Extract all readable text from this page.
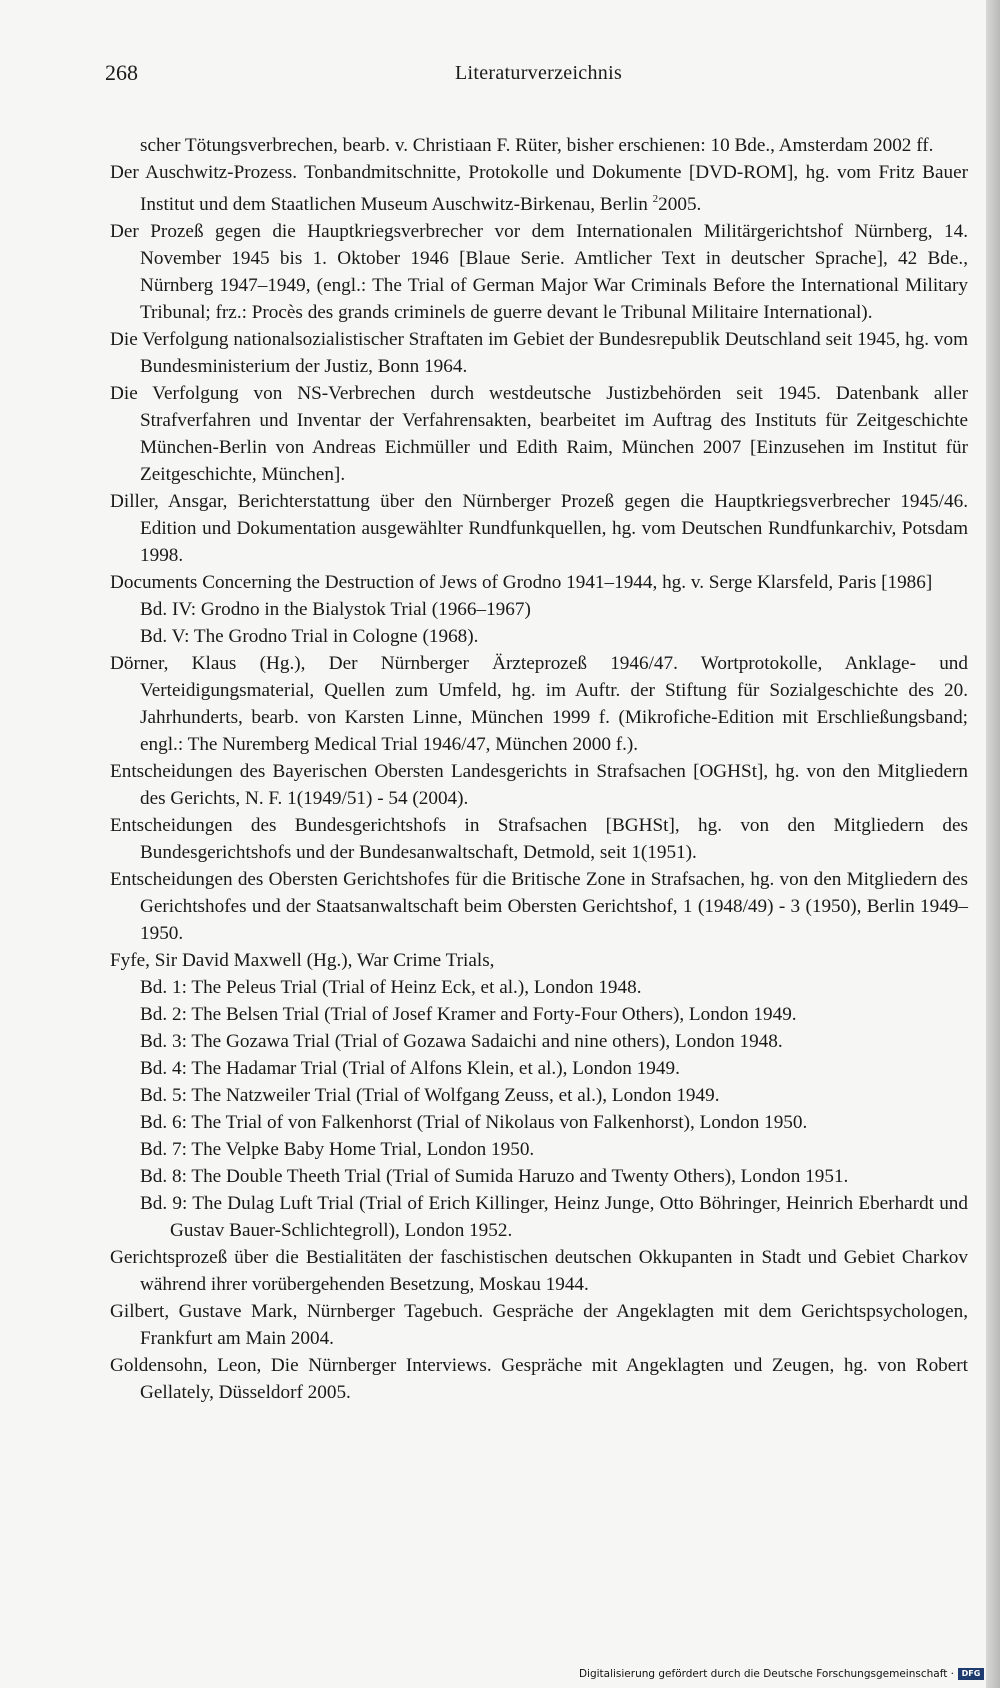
268	Literaturverzeichnis

scher Tötungsverbrechen, bearb. v. Christiaan F. Rüter, bisher erschienen: 10 Bde., Amsterdam 2002 ff.

Der Auschwitz-Prozess. Tonbandmitschnitte, Protokolle und Dokumente [DVD-ROM], hg. vom Fritz Bauer Institut und dem Staatlichen Museum Auschwitz-Birkenau, Berlin $^2$2005.

Der Prozeß gegen die Hauptkriegsverbrecher vor dem Internationalen Militärgerichtshof Nürnberg, 14. November 1945 bis 1. Oktober 1946 [Blaue Serie. Amtlicher Text in deutscher Sprache], 42 Bde., Nürnberg 1947–1949, (engl.: The Trial of German Major War Criminals Before the International Military Tribunal; frz.: Procès des grands criminels de guerre devant le Tribunal Militaire International).

Die Verfolgung nationalsozialistischer Straftaten im Gebiet der Bundesrepublik Deutschland seit 1945, hg. vom Bundesministerium der Justiz, Bonn 1964.

Die Verfolgung von NS-Verbrechen durch westdeutsche Justizbehörden seit 1945. Datenbank aller Strafverfahren und Inventar der Verfahrensakten, bearbeitet im Auftrag des Instituts für Zeitgeschichte München-Berlin von Andreas Eichmüller und Edith Raim, München 2007 [Einzusehen im Institut für Zeitgeschichte, München].

Diller, Ansgar, Berichterstattung über den Nürnberger Prozeß gegen die Hauptkriegsverbrecher 1945/46. Edition und Dokumentation ausgewählter Rundfunkquellen, hg. vom Deutschen Rundfunkarchiv, Potsdam 1998.

Documents Concerning the Destruction of Jews of Grodno 1941–1944, hg. v. Serge Klarsfeld, Paris [1986]

Bd. IV: Grodno in the Bialystok Trial (1966–1967)

Bd. V: The Grodno Trial in Cologne (1968).

Dörner, Klaus (Hg.), Der Nürnberger Ärzteprozeß 1946/47. Wortprotokolle, Anklage- und Verteidigungsmaterial, Quellen zum Umfeld, hg. im Auftr. der Stiftung für Sozialgeschichte des 20. Jahrhunderts, bearb. von Karsten Linne, München 1999 f. (Mikrofiche-Edition mit Erschließungsband; engl.: The Nuremberg Medical Trial 1946/47, München 2000 f.).

Entscheidungen des Bayerischen Obersten Landesgerichts in Strafsachen [OGHSt], hg. von den Mitgliedern des Gerichts, N. F. 1(1949/51) - 54 (2004).

Entscheidungen des Bundesgerichtshofs in Strafsachen [BGHSt], hg. von den Mitgliedern des Bundesgerichtshofs und der Bundesanwaltschaft, Detmold, seit 1(1951).

Entscheidungen des Obersten Gerichtshofes für die Britische Zone in Strafsachen, hg. von den Mitgliedern des Gerichtshofes und der Staatsanwaltschaft beim Obersten Gerichtshof, 1 (1948/49) - 3 (1950), Berlin 1949–1950.

Fyfe, Sir David Maxwell (Hg.), War Crime Trials,

Bd. 1: The Peleus Trial (Trial of Heinz Eck, et al.), London 1948.

Bd. 2: The Belsen Trial (Trial of Josef Kramer and Forty-Four Others), London 1949.

Bd. 3: The Gozawa Trial (Trial of Gozawa Sadaichi and nine others), London 1948.

Bd. 4: The Hadamar Trial (Trial of Alfons Klein, et al.), London 1949.

Bd. 5: The Natzweiler Trial (Trial of Wolfgang Zeuss, et al.), London 1949.

Bd. 6: The Trial of von Falkenhorst (Trial of Nikolaus von Falkenhorst), London 1950.

Bd. 7: The Velpke Baby Home Trial, London 1950.

Bd. 8: The Double Theeth Trial (Trial of Sumida Haruzo and Twenty Others), London 1951.

Bd. 9: The Dulag Luft Trial (Trial of Erich Killinger, Heinz Junge, Otto Böhringer, Heinrich Eberhardt und Gustav Bauer-Schlichtegroll), London 1952.

Gerichtsprozeß über die Bestialitäten der faschistischen deutschen Okkupanten in Stadt und Gebiet Charkov während ihrer vorübergehenden Besetzung, Moskau 1944.

Gilbert, Gustave Mark, Nürnberger Tagebuch. Gespräche der Angeklagten mit dem Gerichtspsychologen, Frankfurt am Main 2004.

Goldensohn, Leon, Die Nürnberger Interviews. Gespräche mit Angeklagten und Zeugen, hg. von Robert Gellately, Düsseldorf 2005.

Digitalisierung gefördert durch die Deutsche Forschungsgemeinschaft · DFG
